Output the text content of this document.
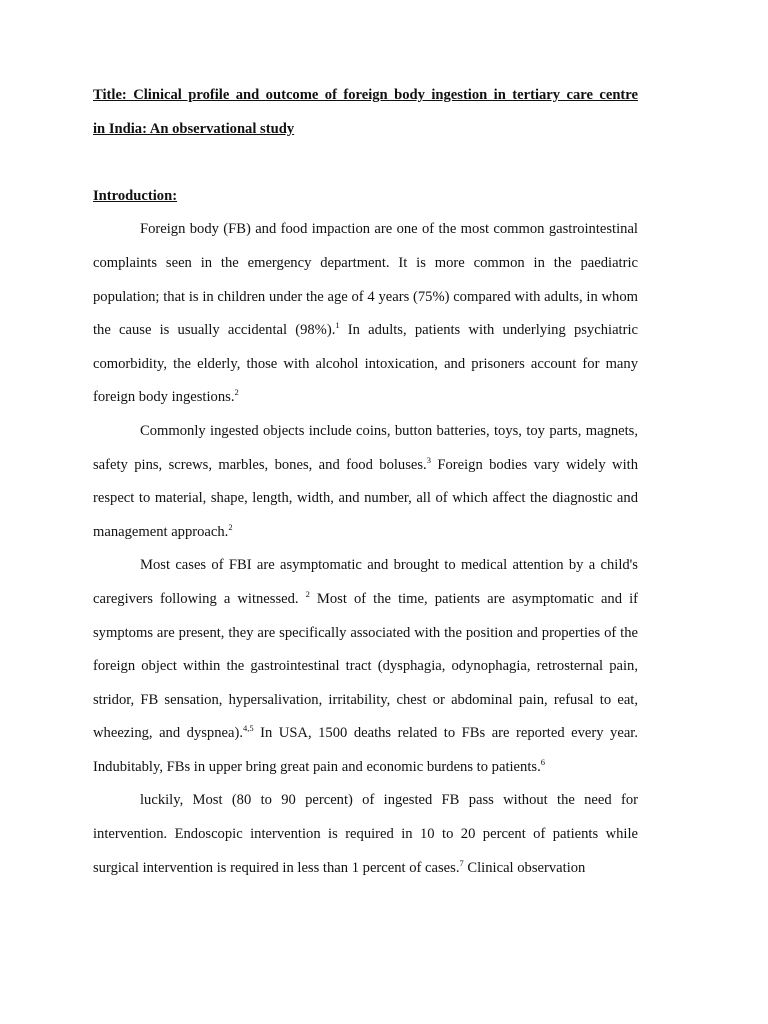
Title: Clinical profile and outcome of foreign body ingestion in tertiary care centre
in India: An observational study
Introduction:

Foreign body (FB) and food impaction are one of the most common gastrointestinal complaints seen in the emergency department. It is more common in the paediatric population; that is in children under the age of 4 years (75%) compared with adults, in whom the cause is usually accidental (98%).$^1$ In adults, patients with underlying psychiatric comorbidity, the elderly, those with alcohol intoxication, and prisoners account for many foreign body ingestions.$^2$

Commonly ingested objects include coins, button batteries, toys, toy parts, magnets, safety pins, screws, marbles, bones, and food boluses.$^3$ Foreign bodies vary widely with respect to material, shape, length, width, and number, all of which affect the diagnostic and management approach.$^2$

Most cases of FBI are asymptomatic and brought to medical attention by a child's caregivers following a witnessed. $^2$ Most of the time, patients are asymptomatic and if symptoms are present, they are specifically associated with the position and properties of the foreign object within the gastrointestinal tract (dysphagia, odynophagia, retrosternal pain, stridor, FB sensation, hypersalivation, irritability, chest or abdominal pain, refusal to eat, wheezing, and dyspnea).$^{4,5}$ In USA, 1500 deaths related to FBs are reported every year. Indubitably, FBs in upper bring great pain and economic burdens to patients.$^6$

luckily, Most (80 to 90 percent) of ingested FB pass without the need for intervention. Endoscopic intervention is required in 10 to 20 percent of patients while surgical intervention is required in less than 1 percent of cases.$^7$ Clinical observation
